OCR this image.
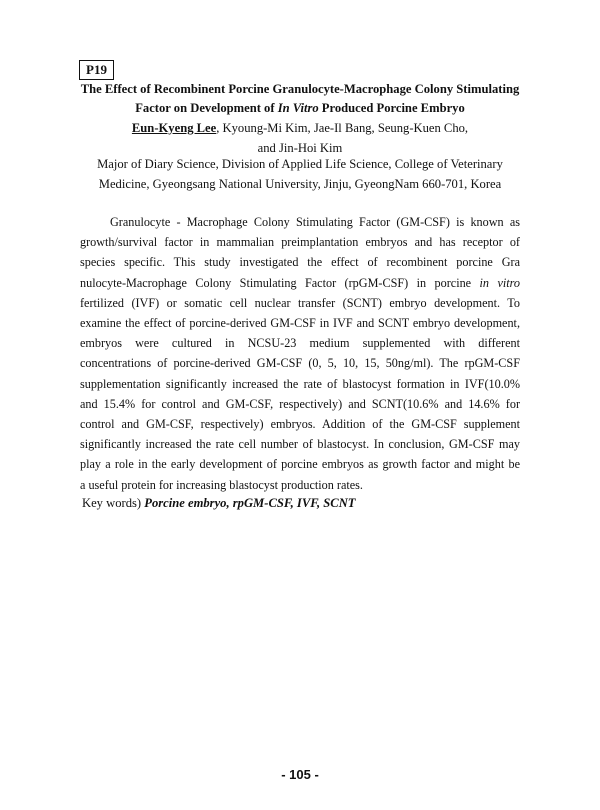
P19
The Effect of Recombinent Porcine Granulocyte-Macrophage Colony Stimulating
Factor on Development of In Vitro Produced Porcine Embryo
Eun-Kyeng Lee, Kyoung-Mi Kim, Jae-Il Bang, Seung-Kuen Cho,
and Jin-Hoi Kim
Major of Diary Science, Division of Applied Life Science, College of Veterinary
Medicine, Gyeongsang National University, Jinju, GyeongNam 660-701, Korea
Granulocyte - Macrophage Colony Stimulating Factor (GM-CSF) is known as
growth/survival factor in mammalian preimplantation embryos and has receptor of
species specific. This study investigated the effect of recombinent porcine Gra
nulocyte-Macrophage Colony Stimulating Factor (rpGM-CSF) in porcine in vitro
fertilized (IVF) or somatic cell nuclear transfer (SCNT) embryo development. To
examine the effect of porcine-derived GM-CSF in IVF and SCNT embryo development,
embryos were cultured in NCSU-23 medium supplemented with different
concentrations of porcine-derived GM-CSF (0, 5, 10, 15, 50ng/ml). The rpGM-CSF
supplementation significantly increased the rate of blastocyst formation in IVF(10.0%
and 15.4% for control and GM-CSF, respectively) and SCNT(10.6% and 14.6% for
control and GM-CSF, respectively) embryos. Addition of the GM-CSF supplement
significantly increased the rate cell number of blastocyst. In conclusion, GM-CSF may
play a role in the early development of porcine embryos as growth factor and might be
a useful protein for increasing blastocyst production rates.
Key words) Porcine embryo, rpGM-CSF, IVF, SCNT
- 105 -
